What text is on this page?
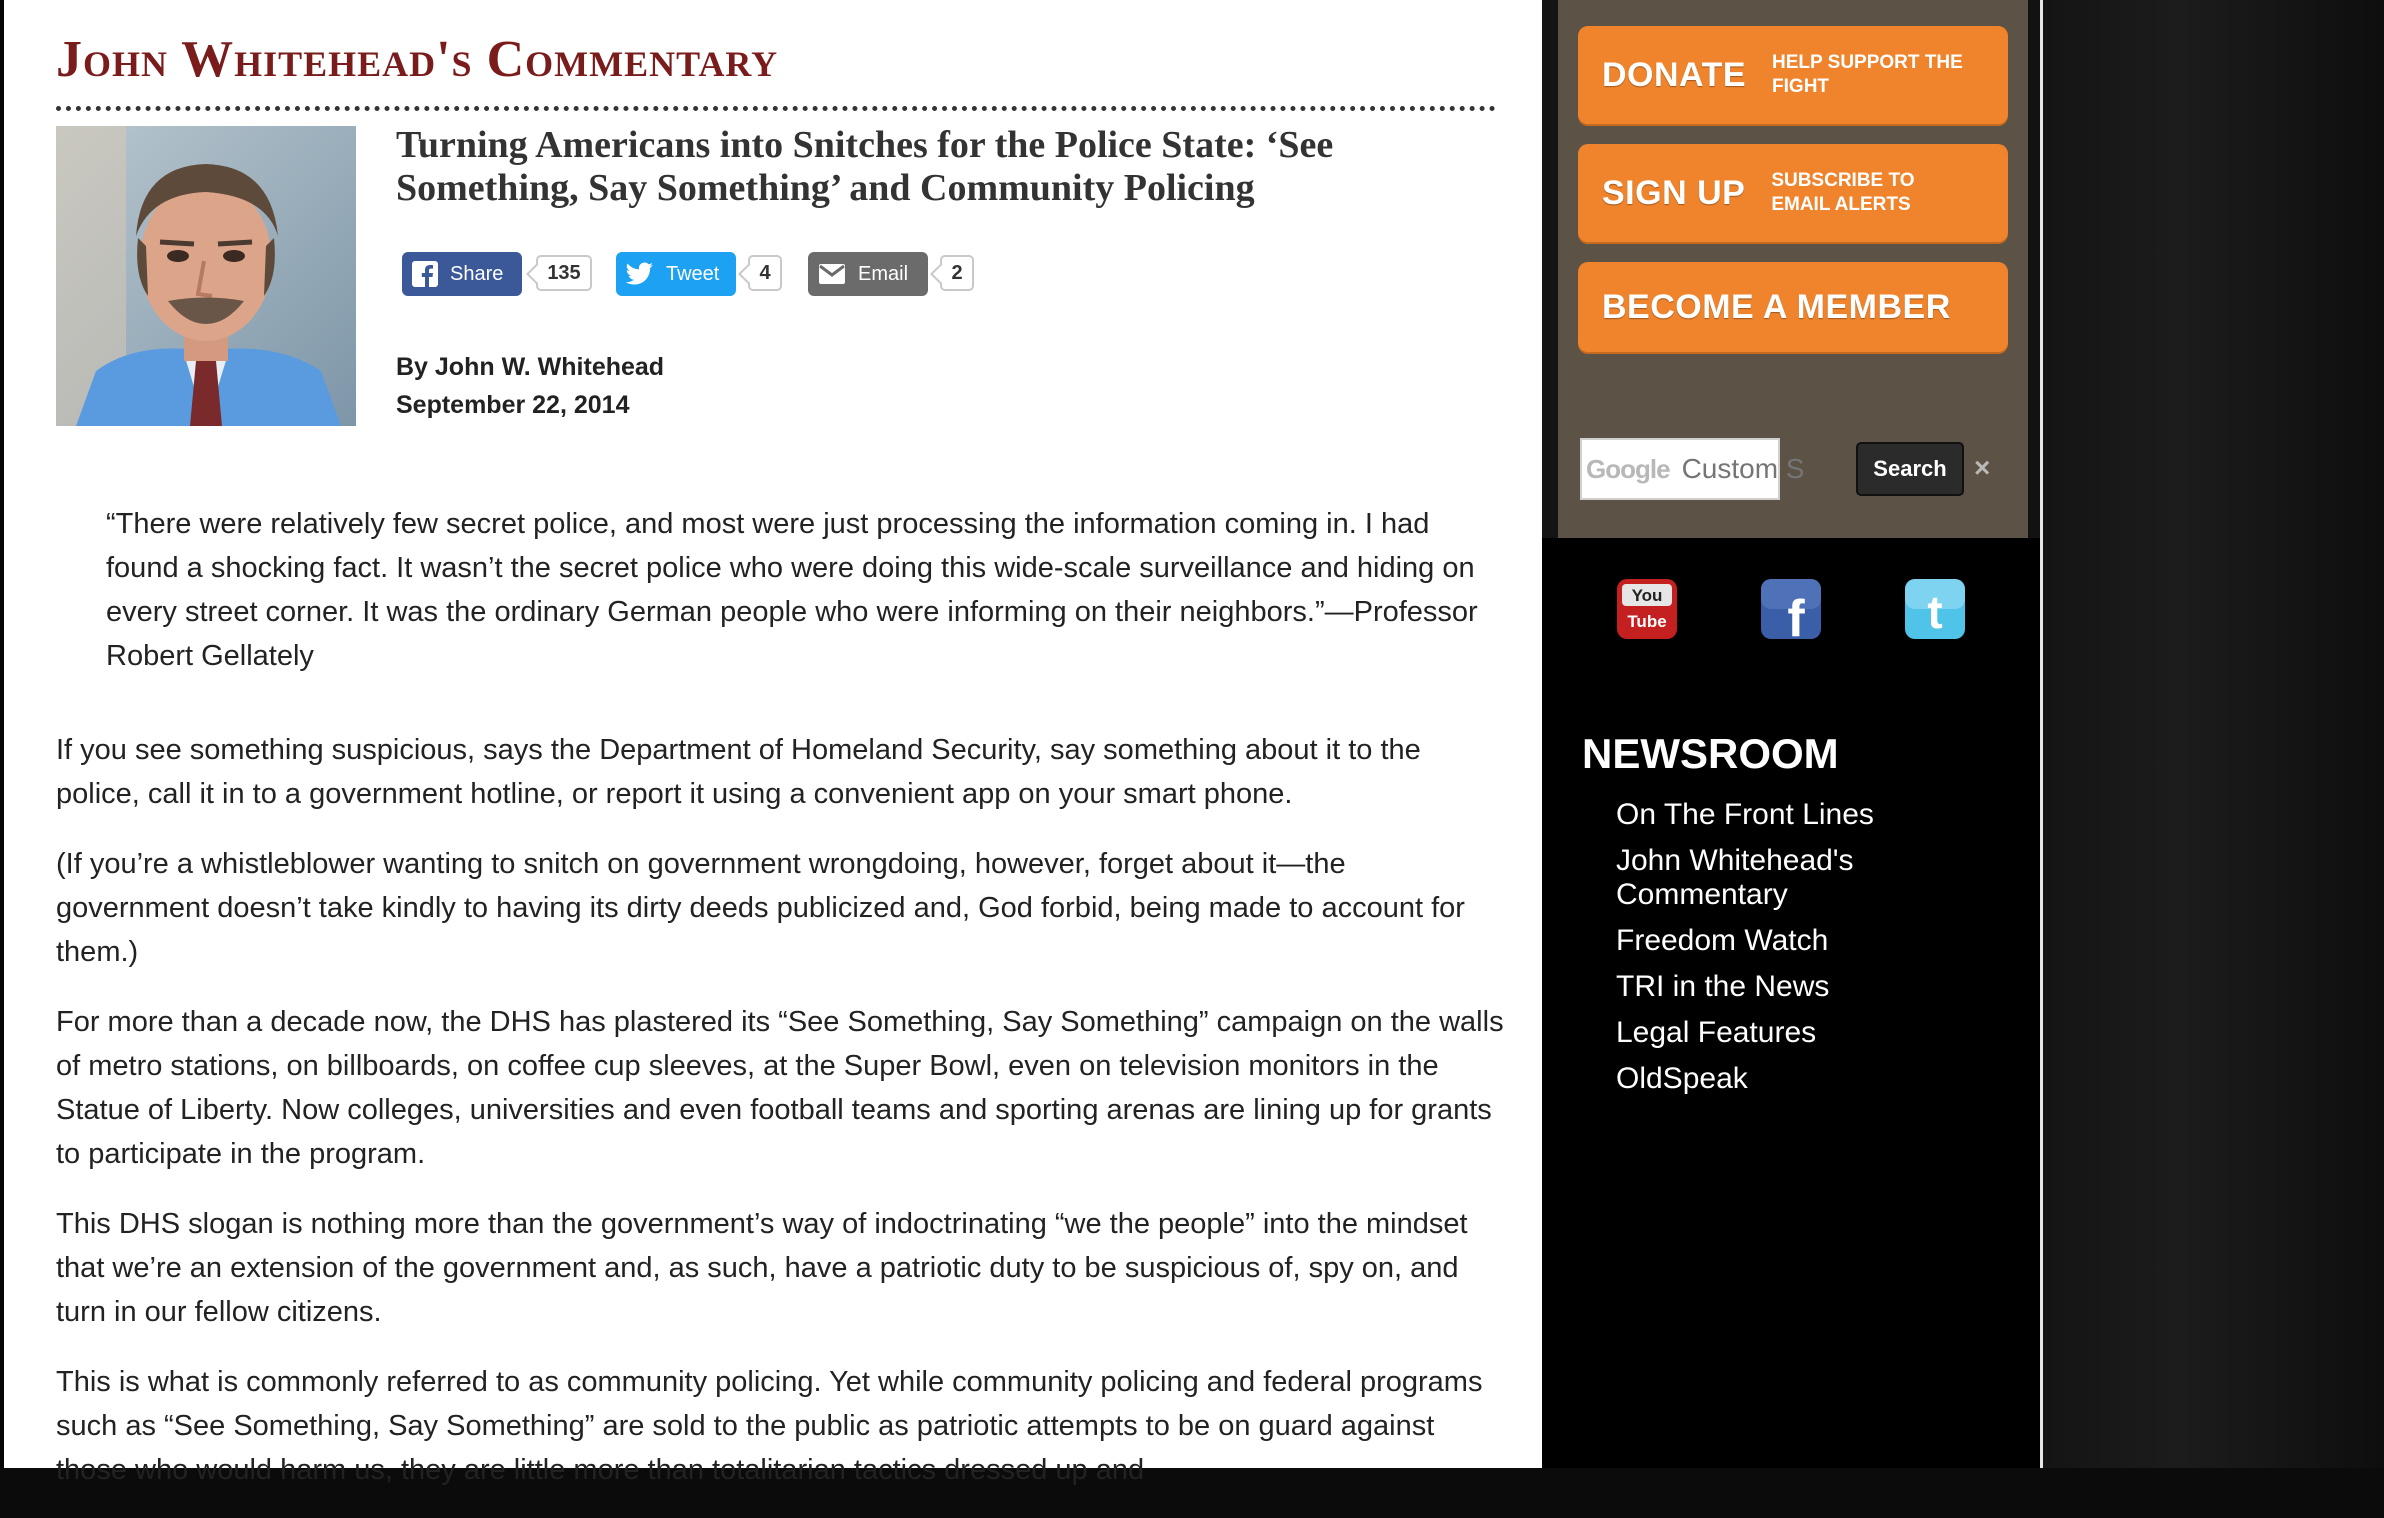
John Whitehead's Commentary
Turning Americans into Snitches for the Police State: ‘See Something, Say Something’ and Community Policing
Share	135	Tweet	4	Email	2
By John W. Whitehead
September 22, 2014

“There were relatively few secret police, and most were just processing the information coming in. I had found a shocking fact. It wasn’t the secret police who were doing this wide-scale surveillance and hiding on every street corner. It was the ordinary German people who were informing on their neighbors.”—Professor Robert Gellately

If you see something suspicious, says the Department of Homeland Security, say something about it to the police, call it in to a government hotline, or report it using a convenient app on your smart phone.

(If you’re a whistleblower wanting to snitch on government wrongdoing, however, forget about it—the government doesn’t take kindly to having its dirty deeds publicized and, God forbid, being made to account for them.)

For more than a decade now, the DHS has plastered its “See Something, Say Something” campaign on the walls of metro stations, on billboards, on coffee cup sleeves, at the Super Bowl, even on television monitors in the Statue of Liberty. Now colleges, universities and even football teams and sporting arenas are lining up for grants to participate in the program.

This DHS slogan is nothing more than the government’s way of indoctrinating “we the people” into the mindset that we’re an extension of the government and, as such, have a patriotic duty to be suspicious of, spy on, and turn in our fellow citizens.

This is what is commonly referred to as community policing. Yet while community policing and federal programs such as “See Something, Say Something” are sold to the public as patriotic attempts to be on guard against those who would harm us, they are little more than totalitarian tactics dressed up and

DONATE HELP SUPPORT THE FIGHT
SIGN UP SUBSCRIBE TO EMAIL ALERTS
BECOME A MEMBER
Google
Custom S	Search ×
You
Tube f	t
NEWSROOM
On The Front Lines
John Whitehead's Commentary
Freedom Watch
TRI in the News
Legal Features
OldSpeak
